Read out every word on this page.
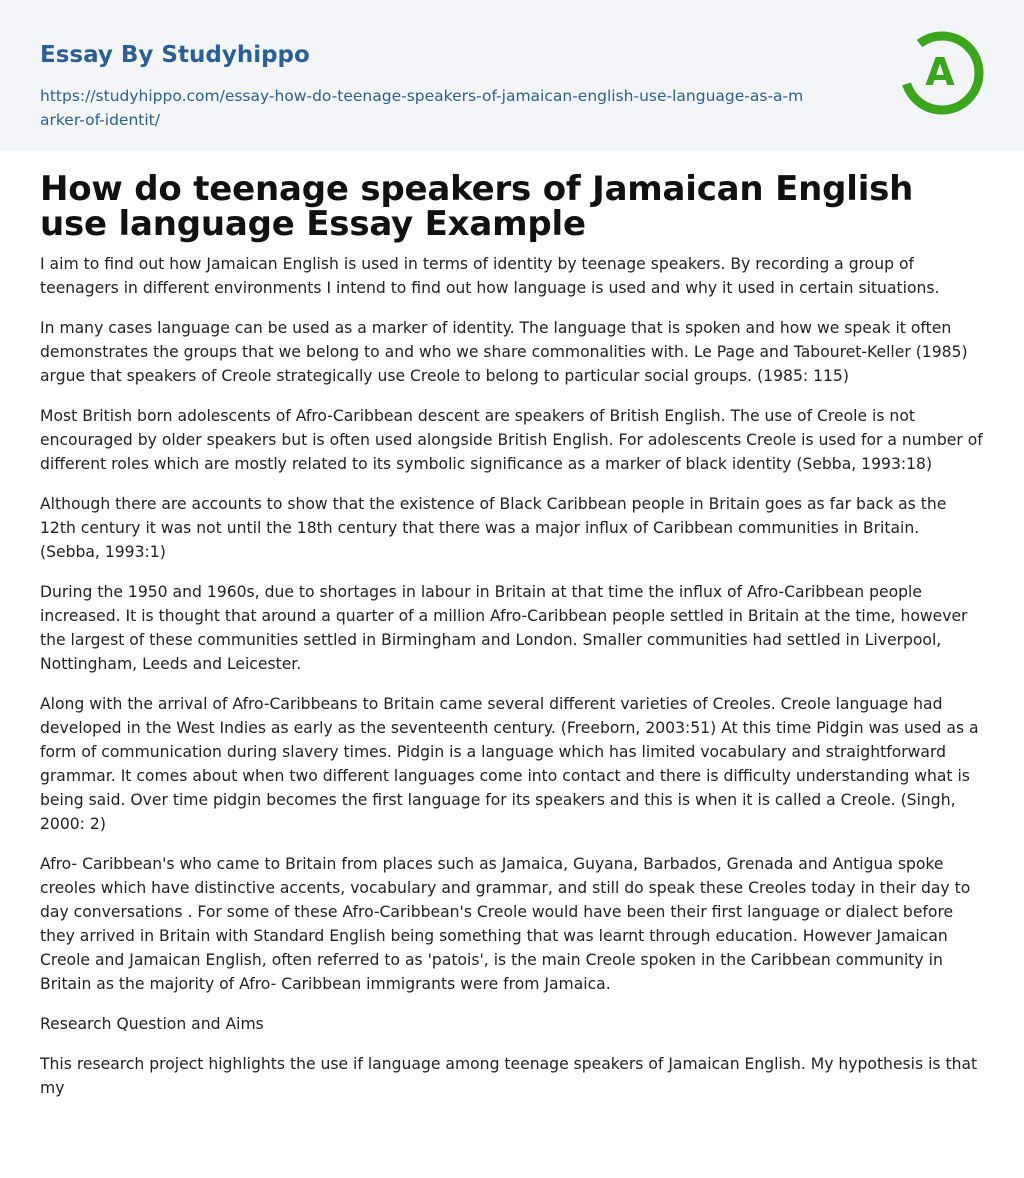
Essay By Studyhippo
https://studyhippo.com/essay-how-do-teenage-speakers-of-jamaican-english-use-language-as-a-marker-of-identit/
A
How do teenage speakers of Jamaican English use language Essay Example

I aim to find out how Jamaican English is used in terms of identity by teenage speakers. By recording a group of teenagers in different environments I intend to find out how language is used and why it used in certain situations.

In many cases language can be used as a marker of identity. The language that is spoken and how we speak it often demonstrates the groups that we belong to and who we share commonalities with. Le Page and Tabouret-Keller (1985) argue that speakers of Creole strategically use Creole to belong to particular social groups. (1985: 115)

Most British born adolescents of Afro-Caribbean descent are speakers of British English. The use of Creole is not encouraged by older speakers but is often used alongside British English. For adolescents Creole is used for a number of different roles which are mostly related to its symbolic significance as a marker of black identity (Sebba, 1993:18)

Although there are accounts to show that the existence of Black Caribbean people in Britain goes as far back as the 12th century it was not until the 18th century that there was a major influx of Caribbean communities in Britain. (Sebba, 1993:1)

During the 1950 and 1960s, due to shortages in labour in Britain at that time the influx of Afro-Caribbean people increased. It is thought that around a quarter of a million Afro-Caribbean people settled in Britain at the time, however the largest of these communities settled in Birmingham and London. Smaller communities had settled in Liverpool, Nottingham, Leeds and Leicester.

Along with the arrival of Afro-Caribbeans to Britain came several different varieties of Creoles. Creole language had developed in the West Indies as early as the seventeenth century. (Freeborn, 2003:51) At this time Pidgin was used as a form of communication during slavery times. Pidgin is a language which has limited vocabulary and straightforward grammar. It comes about when two different languages come into contact and there is difficulty understanding what is being said. Over time pidgin becomes the first language for its speakers and this is when it is called a Creole. (Singh, 2000: 2)

Afro- Caribbean's who came to Britain from places such as Jamaica, Guyana, Barbados, Grenada and Antigua spoke creoles which have distinctive accents, vocabulary and grammar, and still do speak these Creoles today in their day to day conversations . For some of these Afro-Caribbean's Creole would have been their first language or dialect before they arrived in Britain with Standard English being something that was learnt through education. However Jamaican Creole and Jamaican English, often referred to as 'patois', is the main Creole spoken in the Caribbean community in Britain as the majority of Afro- Caribbean immigrants were from Jamaica.

Research Question and Aims

This research project highlights the use if language among teenage speakers of Jamaican English. My hypothesis is that my
